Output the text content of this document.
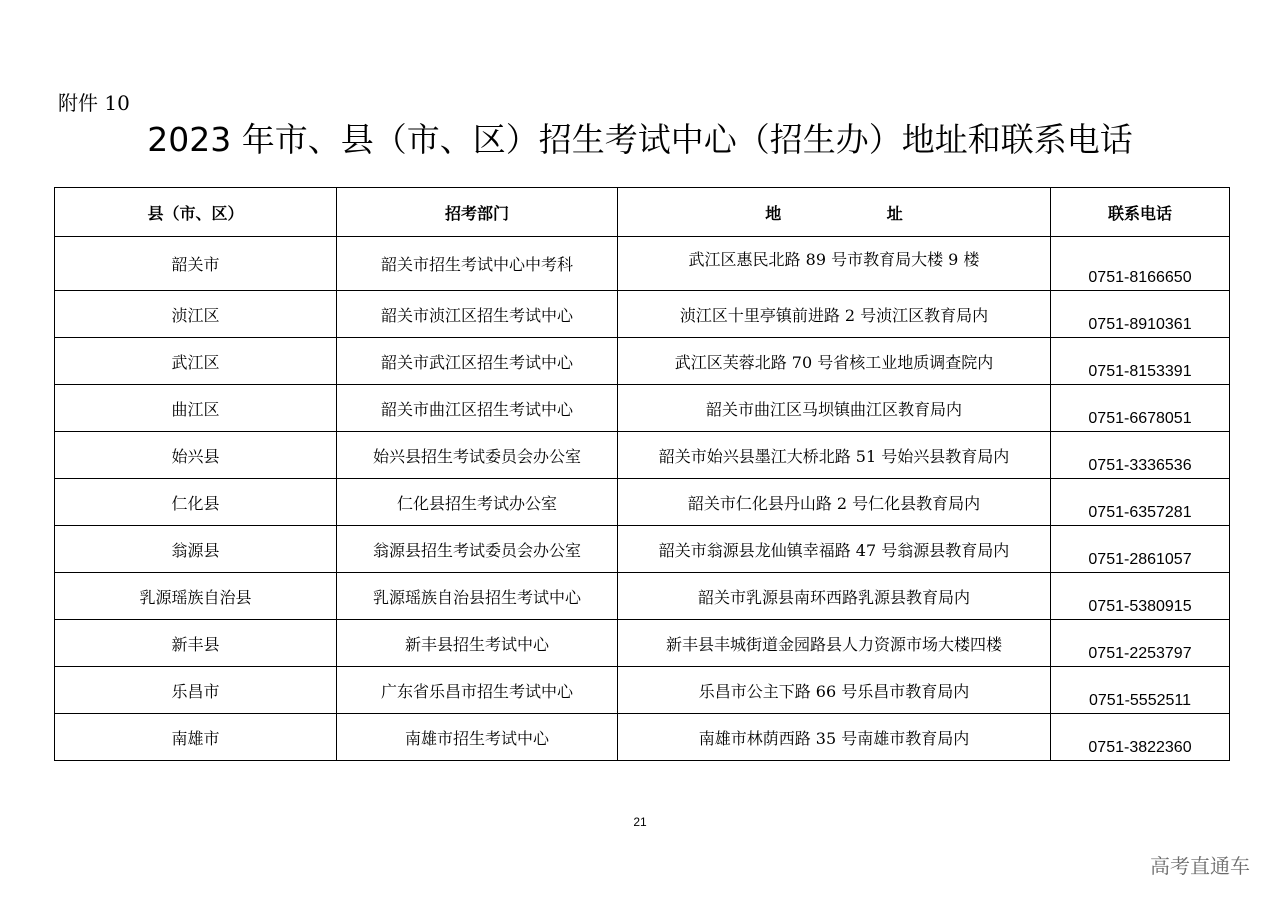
附件 10
2023 年市、县（市、区）招生考试中心（招生办）地址和联系电话
县（市、区）	招考部门	地 址	联系电话
韶关市	韶关市招生考试中心中考科	武江区惠民北路 89 号市教育局大楼 9 楼	0751-8166650
浈江区	韶关市浈江区招生考试中心	浈江区十里亭镇前进路 2 号浈江区教育局内	0751-8910361
武江区	韶关市武江区招生考试中心	武江区芙蓉北路 70 号省核工业地质调查院内	0751-8153391
曲江区	韶关市曲江区招生考试中心	韶关市曲江区马坝镇曲江区教育局内	0751-6678051
始兴县	始兴县招生考试委员会办公室	韶关市始兴县墨江大桥北路 51 号始兴县教育局内	0751-3336536
仁化县	仁化县招生考试办公室	韶关市仁化县丹山路 2 号仁化县教育局内	0751-6357281
翁源县	翁源县招生考试委员会办公室	韶关市翁源县龙仙镇幸福路 47 号翁源县教育局内	0751-2861057
乳源瑶族自治县	乳源瑶族自治县招生考试中心	韶关市乳源县南环西路乳源县教育局内	0751-5380915
新丰县	新丰县招生考试中心	新丰县丰城街道金园路县人力资源市场大楼四楼	0751-2253797
乐昌市	广东省乐昌市招生考试中心	乐昌市公主下路 66 号乐昌市教育局内	0751-5552511
南雄市	南雄市招生考试中心	南雄市林荫西路 35 号南雄市教育局内	0751-3822360
21
高考直通车
